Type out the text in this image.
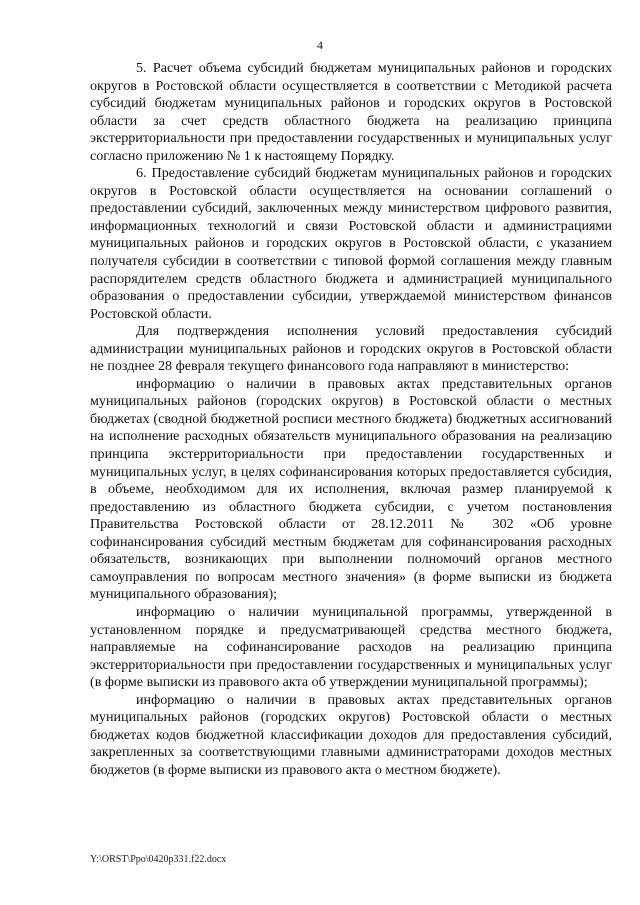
4

5. Расчет объема субсидий бюджетам муниципальных районов и городских округов в Ростовской области осуществляется в соответствии с Методикой расчета субсидий бюджетам муниципальных районов и городских округов в Ростовской области за счет средств областного бюджета на реализацию принципа экстерриториальности при предоставлении государственных и муниципальных услуг согласно приложению № 1 к настоящему Порядку.

6. Предоставление субсидий бюджетам муниципальных районов и городских округов в Ростовской области осуществляется на основании соглашений о предоставлении субсидий, заключенных между министерством цифрового развития, информационных технологий и связи Ростовской области и администрациями муниципальных районов и городских округов в Ростовской области, с указанием получателя субсидии в соответствии с типовой формой соглашения между главным распорядителем средств областного бюджета и администрацией муниципального образования о предоставлении субсидии, утверждаемой министерством финансов Ростовской области.

Для подтверждения исполнения условий предоставления субсидий администрации муниципальных районов и городских округов в Ростовской области не позднее 28 февраля текущего финансового года направляют в министерство:

информацию о наличии в правовых актах представительных органов муниципальных районов (городских округов) в Ростовской области о местных бюджетах (сводной бюджетной росписи местного бюджета) бюджетных ассигнований на исполнение расходных обязательств муниципального образования на реализацию принципа экстерриториальности при предоставлении государственных и муниципальных услуг, в целях софинансирования которых предоставляется субсидия, в объеме, необходимом для их исполнения, включая размер планируемой к предоставлению из областного бюджета субсидии, с учетом постановления Правительства Ростовской области от 28.12.2011 № 302 «Об уровне софинансирования субсидий местным бюджетам для софинансирования расходных обязательств, возникающих при выполнении полномочий органов местного самоуправления по вопросам местного значения» (в форме выписки из бюджета муниципального образования);

информацию о наличии муниципальной программы, утвержденной в установленном порядке и предусматривающей средства местного бюджета, направляемые на софинансирование расходов на реализацию принципа экстерриториальности при предоставлении государственных и муниципальных услуг (в форме выписки из правового акта об утверждении муниципальной программы);

информацию о наличии в правовых актах представительных органов муниципальных районов (городских округов) Ростовской области о местных бюджетах кодов бюджетной классификации доходов для предоставления субсидий, закрепленных за соответствующими главными администраторами доходов местных бюджетов (в форме выписки из правового акта о местном бюджете).

Y:\ORST\Ppo\0420p331.f22.docx
